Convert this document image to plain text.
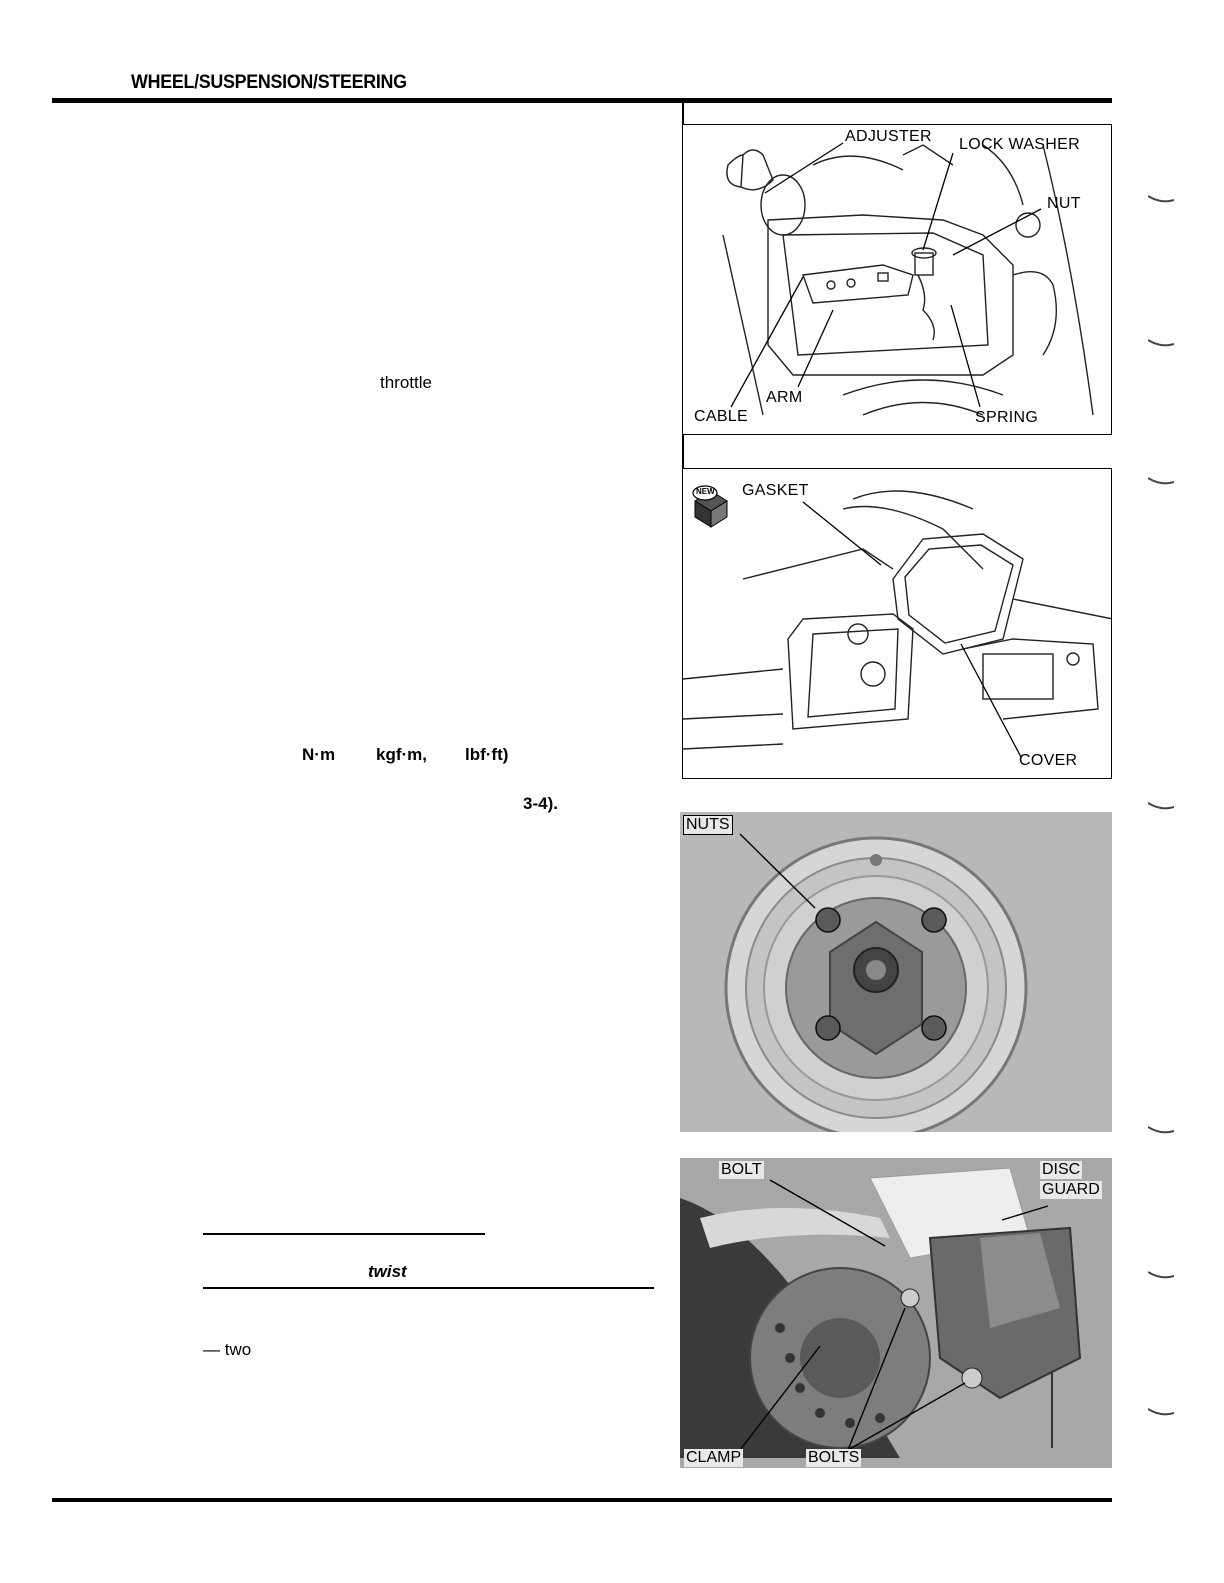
WHEEL/SUSPENSION/STEERING
throttle
N·m kgf·m, lbf·ft)
3-4).
twist
— two
ADJUSTER LOCK WASHER
NUT
CABLE
ARM
SPRING
NEW GASKET
COVER
NUTS
BOLT	DISC
GUARD
CLAMP	BOLTS
